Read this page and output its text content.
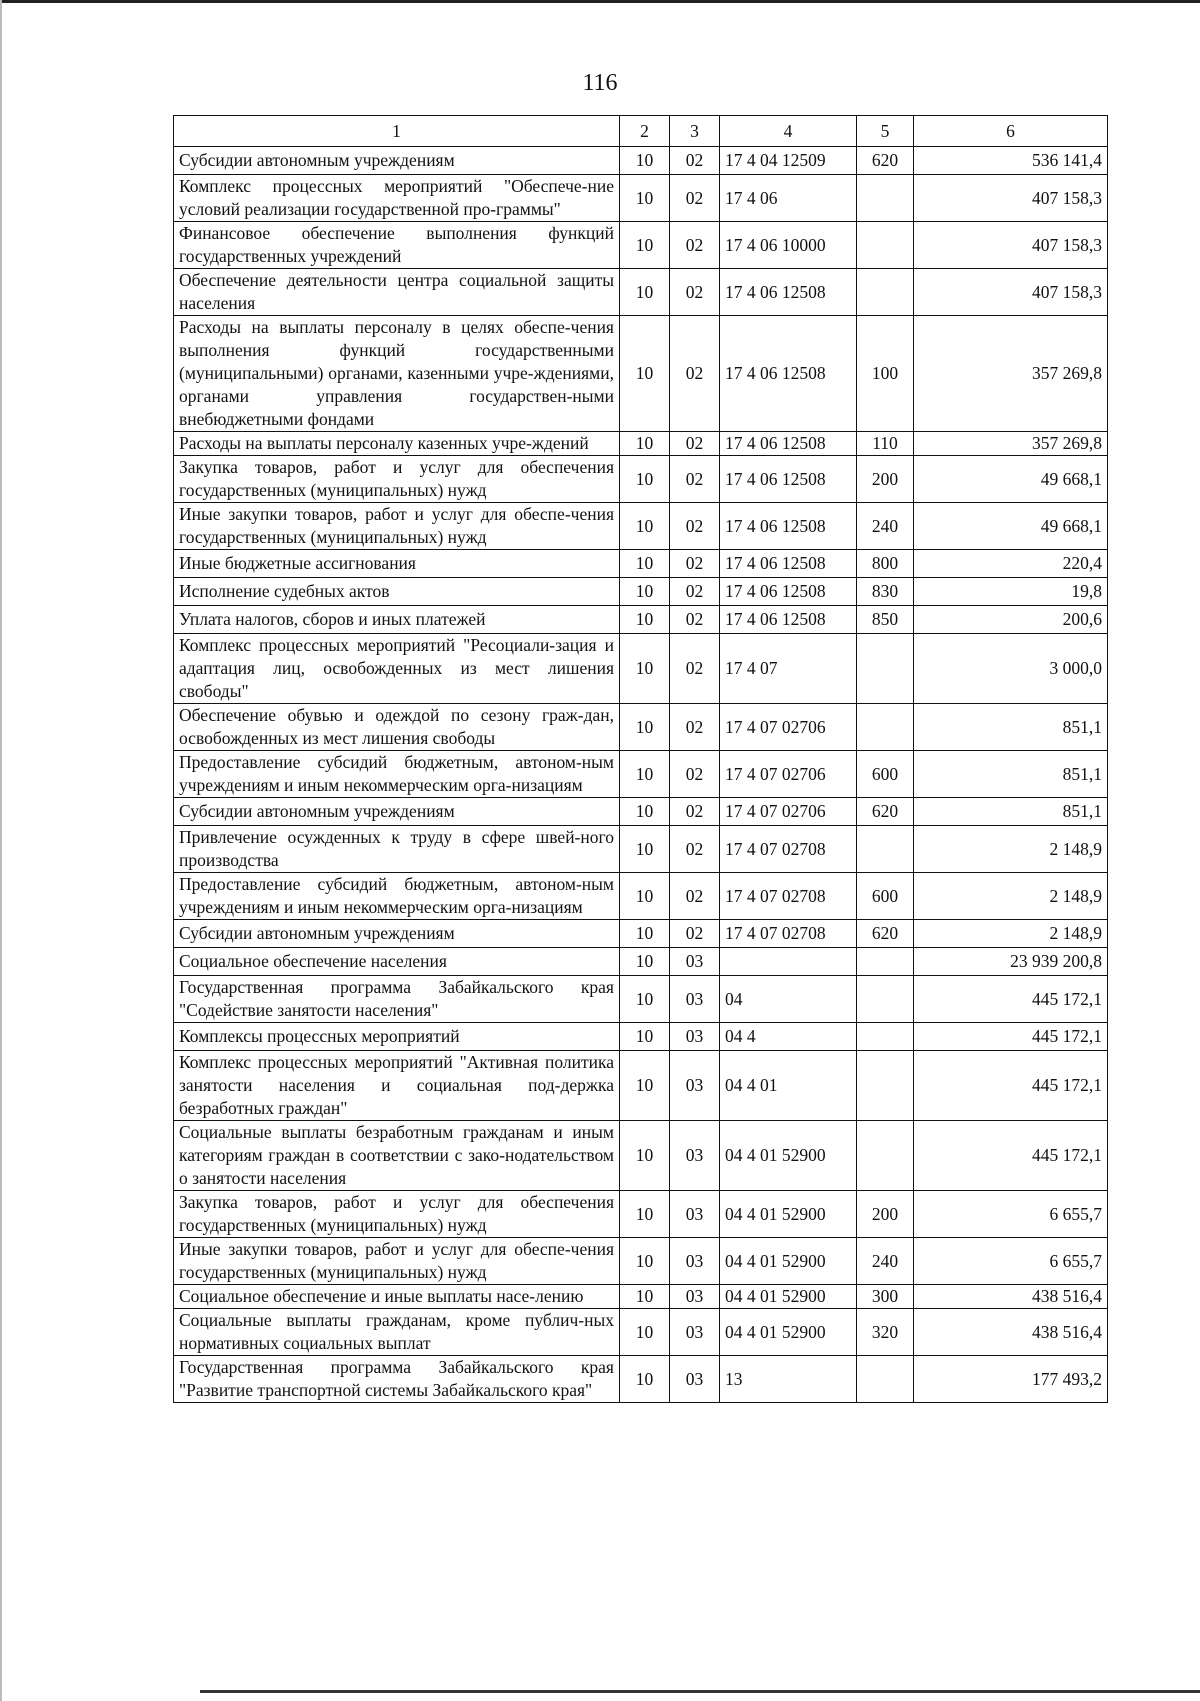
116
1	2	3	4	5	6
Субсидии автономным учреждениям	10	02	17 4 04 12509	620	536 141,4
Комплекс процессных мероприятий "Обеспече-ние условий реализации государственной про-граммы"	10	02	17 4 06		407 158,3
Финансовое обеспечение выполнения функций государственных учреждений	10	02	17 4 06 10000		407 158,3
Обеспечение деятельности центра социальной защиты населения	10	02	17 4 06 12508		407 158,3
Расходы на выплаты персоналу в целях обеспе-чения выполнения функций государственными (муниципальными) органами, казенными учре-ждениями, органами управления государствен-ными внебюджетными фондами	10	02	17 4 06 12508	100	357 269,8
Расходы на выплаты персоналу казенных учре-ждений	10	02	17 4 06 12508	110	357 269,8
Закупка товаров, работ и услуг для обеспечения государственных (муниципальных) нужд	10	02	17 4 06 12508	200	49 668,1
Иные закупки товаров, работ и услуг для обеспе-чения государственных (муниципальных) нужд	10	02	17 4 06 12508	240	49 668,1
Иные бюджетные ассигнования	10	02	17 4 06 12508	800	220,4
Исполнение судебных актов	10	02	17 4 06 12508	830	19,8
Уплата налогов, сборов и иных платежей	10	02	17 4 06 12508	850	200,6
Комплекс процессных мероприятий "Ресоциали-зация и адаптация лиц, освобожденных из мест лишения свободы"	10	02	17 4 07		3 000,0
Обеспечение обувью и одеждой по сезону граж-дан, освобожденных из мест лишения свободы	10	02	17 4 07 02706		851,1
Предоставление субсидий бюджетным, автоном-ным учреждениям и иным некоммерческим орга-низациям	10	02	17 4 07 02706	600	851,1
Субсидии автономным учреждениям	10	02	17 4 07 02706	620	851,1
Привлечение осужденных к труду в сфере швей-ного производства	10	02	17 4 07 02708		2 148,9
Предоставление субсидий бюджетным, автоном-ным учреждениям и иным некоммерческим орга-низациям	10	02	17 4 07 02708	600	2 148,9
Субсидии автономным учреждениям	10	02	17 4 07 02708	620	2 148,9
Социальное обеспечение населения	10	03			23 939 200,8
Государственная программа Забайкальского края "Содействие занятости населения"	10	03	04		445 172,1
Комплексы процессных мероприятий	10	03	04 4		445 172,1
Комплекс процессных мероприятий "Активная политика занятости населения и социальная под-держка безработных граждан"	10	03	04 4 01		445 172,1
Социальные выплаты безработным гражданам и иным категориям граждан в соответствии с зако-нодательством о занятости населения	10	03	04 4 01 52900		445 172,1
Закупка товаров, работ и услуг для обеспечения государственных (муниципальных) нужд	10	03	04 4 01 52900	200	6 655,7
Иные закупки товаров, работ и услуг для обеспе-чения государственных (муниципальных) нужд	10	03	04 4 01 52900	240	6 655,7
Социальное обеспечение и иные выплаты насе-лению	10	03	04 4 01 52900	300	438 516,4
Социальные выплаты гражданам, кроме публич-ных нормативных социальных выплат	10	03	04 4 01 52900	320	438 516,4
Государственная программа Забайкальского края "Развитие транспортной системы Забайкальского края"	10	03	13		177 493,2
